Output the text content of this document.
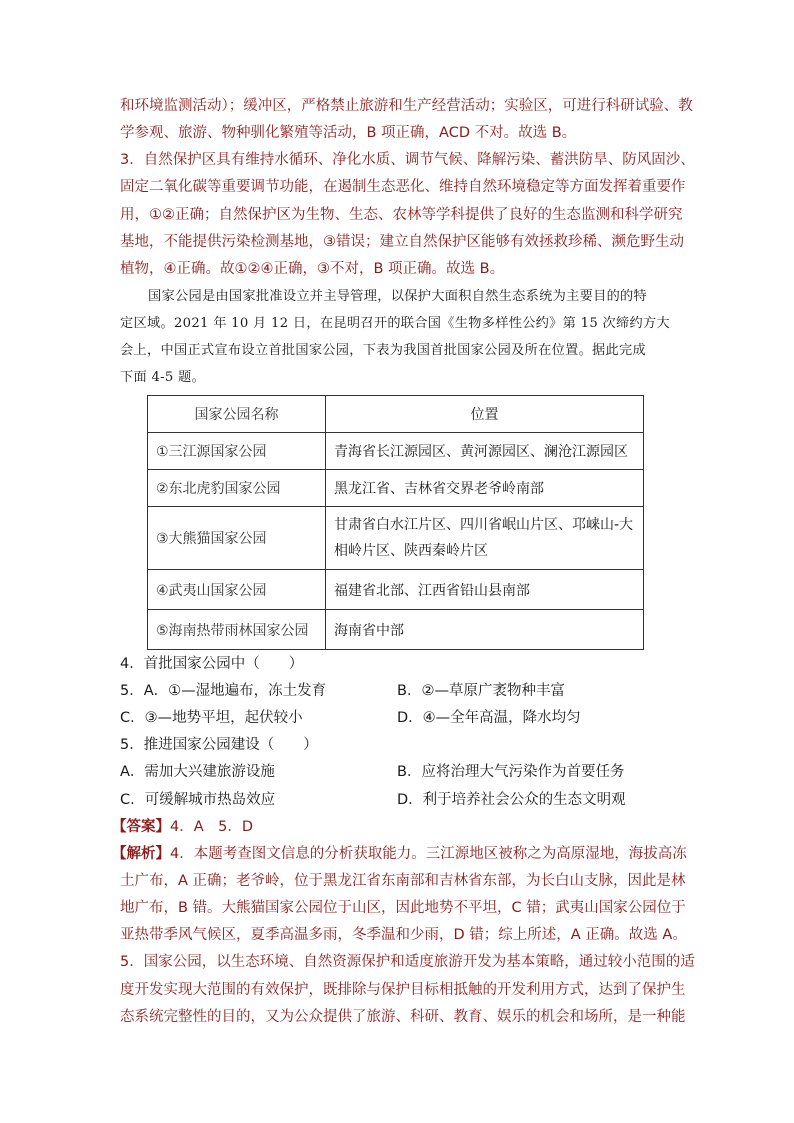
和环境监测活动）；缓冲区，严格禁止旅游和生产经营活动；实验区，可进行科研试验、教
学参观、旅游、物种驯化繁殖等活动，B 项正确，ACD 不对。故选 B。
3．自然保护区具有维持水循环、净化水质、调节气候、降解污染、蓄洪防旱、防风固沙、
固定二氧化碳等重要调节功能，在遏制生态恶化、维持自然环境稳定等方面发挥着重要作
用，①②正确；自然保护区为生物、生态、农林等学科提供了良好的生态监测和科学研究
基地，不能提供污染检测基地，③错误；建立自然保护区能够有效拯救珍稀、濒危野生动
植物，④正确。故①②④正确，③不对，B 项正确。故选 B。
国家公园是由国家批准设立并主导管理，以保护大面积自然生态系统为主要目的的特
定区域。2021 年 10 月 12 日，在昆明召开的联合国《生物多样性公约》第 15 次缔约方大
会上，中国正式宣布设立首批国家公园，下表为我国首批国家公园及所在位置。据此完成
下面 4-5 题。
国家公园名称	位置
①三江源国家公园	青海省长江源园区、黄河源园区、澜沧江源园区
②东北虎豹国家公园	黑龙江省、吉林省交界老爷岭南部
③大熊猫国家公园	甘肃省白水江片区、四川省岷山片区、邛崃山-大
相岭片区、陕西秦岭片区

④武夷山国家公园	福建省北部、江西省铅山县南部
⑤海南热带雨林国家公园	海南省中部
4．首批国家公园中（　　）
5．A．①—湿地遍布，冻土发育	B．②—草原广袤物种丰富
C．③—地势平坦，起伏较小	D．④—全年高温，降水均匀
5．推进国家公园建设（　　）
A．需加大兴建旅游设施	B．应将治理大气污染作为首要任务
C．可缓解城市热岛效应	D．利于培养社会公众的生态文明观
【答案】4．A　5．D
【解析】4．本题考查图文信息的分析获取能力。三江源地区被称之为高原湿地，海拔高冻
土广布，A 正确；老爷岭，位于黑龙江省东南部和吉林省东部，为长白山支脉，因此是林
地广布，B 错。大熊猫国家公园位于山区，因此地势不平坦，C 错；武夷山国家公园位于
亚热带季风气候区，夏季高温多雨，冬季温和少雨，D 错；综上所述，A 正确。故选 A。
5．国家公园，以生态环境、自然资源保护和适度旅游开发为基本策略，通过较小范围的适
度开发实现大范围的有效保护，既排除与保护目标相抵触的开发利用方式，达到了保护生
态系统完整性的目的，又为公众提供了旅游、科研、教育、娱乐的机会和场所，是一种能
